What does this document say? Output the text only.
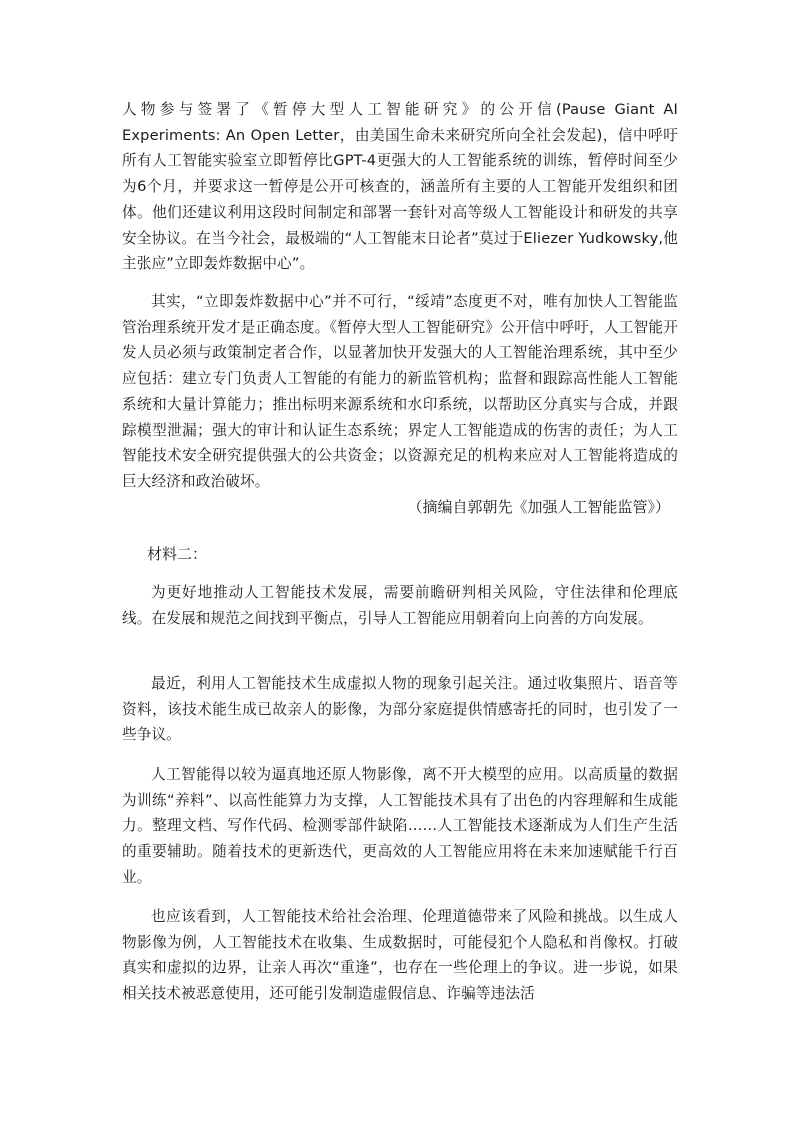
人物参与签署了《暂停大型人工智能研究》的公开信(Pause Giant AI Experiments: An Open Letter，由美国生命未来研究所向全社会发起)，信中呼吁所有人工智能实验室立即暂停比GPT-4更强大的人工智能系统的训练，暂停时间至少为6个月，并要求这一暂停是公开可核查的，涵盖所有主要的人工智能开发组织和团体。他们还建议利用这段时间制定和部署一套针对高等级人工智能设计和研发的共享安全协议。在当今社会，最极端的“人工智能末日论者”莫过于Eliezer Yudkowsky,他主张应”立即轰炸数据中心”。

其实，“立即轰炸数据中心”并不可行，“绥靖”态度更不对，唯有加快人工智能监管治理系统开发才是正确态度。《暂停大型人工智能研究》公开信中呼吁，人工智能开发人员必须与政策制定者合作，以显著加快开发强大的人工智能治理系统，其中至少应包括：建立专门负责人工智能的有能力的新监管机构；监督和跟踪高性能人工智能系统和大量计算能力；推出标明来源系统和水印系统，以帮助区分真实与合成，并跟踪模型泄漏；强大的审计和认证生态系统；界定人工智能造成的伤害的责任；为人工智能技术安全研究提供强大的公共资金；以资源充足的机构来应对人工智能将造成的巨大经济和政治破坏。

（摘编自郭朝先《加强人工智能监管》）

材料二：

为更好地推动人工智能技术发展，需要前瞻研判相关风险，守住法律和伦理底线。在发展和规范之间找到平衡点，引导人工智能应用朝着向上向善的方向发展。

最近，利用人工智能技术生成虚拟人物的现象引起关注。通过收集照片、语音等资料，该技术能生成已故亲人的影像，为部分家庭提供情感寄托的同时，也引发了一些争议。

人工智能得以较为逼真地还原人物影像，离不开大模型的应用。以高质量的数据为训练“养料”、以高性能算力为支撑，人工智能技术具有了出色的内容理解和生成能力。整理文档、写作代码、检测零部件缺陷……人工智能技术逐渐成为人们生产生活的重要辅助。随着技术的更新迭代，更高效的人工智能应用将在未来加速赋能千行百业。

也应该看到，人工智能技术给社会治理、伦理道德带来了风险和挑战。以生成人物影像为例，人工智能技术在收集、生成数据时，可能侵犯个人隐私和肖像权。打破真实和虚拟的边界，让亲人再次“重逢”，也存在一些伦理上的争议。进一步说，如果相关技术被恶意使用，还可能引发制造虚假信息、诈骗等违法活
